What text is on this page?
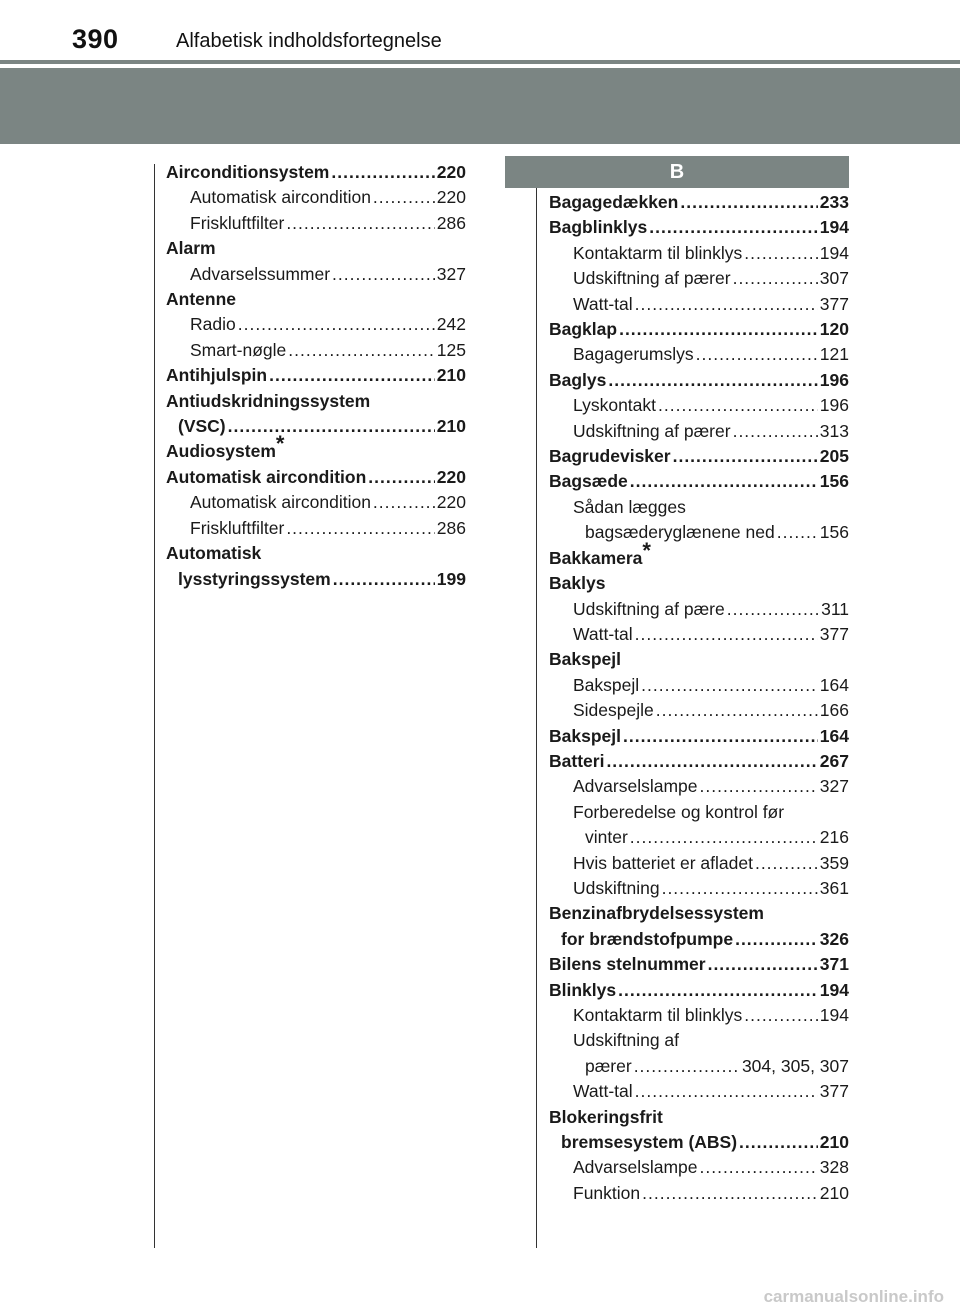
390	Alfabetisk indholdsfortegnelse
B
Airconditionsystem .....	220
Automatisk aircondition .....	220
Friskluftfilter .....	286
Alarm
Advarselssummer .....	327
Antenne
Radio .....	242
Smart-nøgle .....	125
Antihjulspin .....	210
Antiudskridningssystem
(VSC) .....	210
Audiosystem*
Automatisk aircondition .....	220
Automatisk aircondition .....	220
Friskluftfilter .....	286
Automatisk
lysstyringssystem .....	199
Bagagedækken .....	233
Bagblinklys .....	194
Kontaktarm til blinklys .....	194
Udskiftning af pærer .....	307
Watt-tal .....	377
Bagklap .....	120
Bagagerumslys .....	121
Baglys .....	196
Lyskontakt .....	196
Udskiftning af pærer .....	313
Bagrudevisker .....	205
Bagsæde .....	156
Sådan lægges
bagsæderyglænene ned .....	156
Bakkamera*
Baklys
Udskiftning af pære .....	311
Watt-tal .....	377
Bakspejl
Bakspejl .....	164
Sidespejle .....	166
Bakspejl .....	164
Batteri .....	267
Advarselslampe .....	327
Forberedelse og kontrol før
vinter .....	216
Hvis batteriet er afladet .....	359
Udskiftning .....	361
Benzinafbrydelsessystem
for brændstofpumpe .....	326
Bilens stelnummer .....	371
Blinklys .....	194
Kontaktarm til blinklys .....	194
Udskiftning af
pærer .....	304, 305, 307
Watt-tal .....	377
Blokeringsfrit
bremsesystem (ABS) .....	210
Advarselslampe .....	328
Funktion .....	210
carmanualsonline.info
